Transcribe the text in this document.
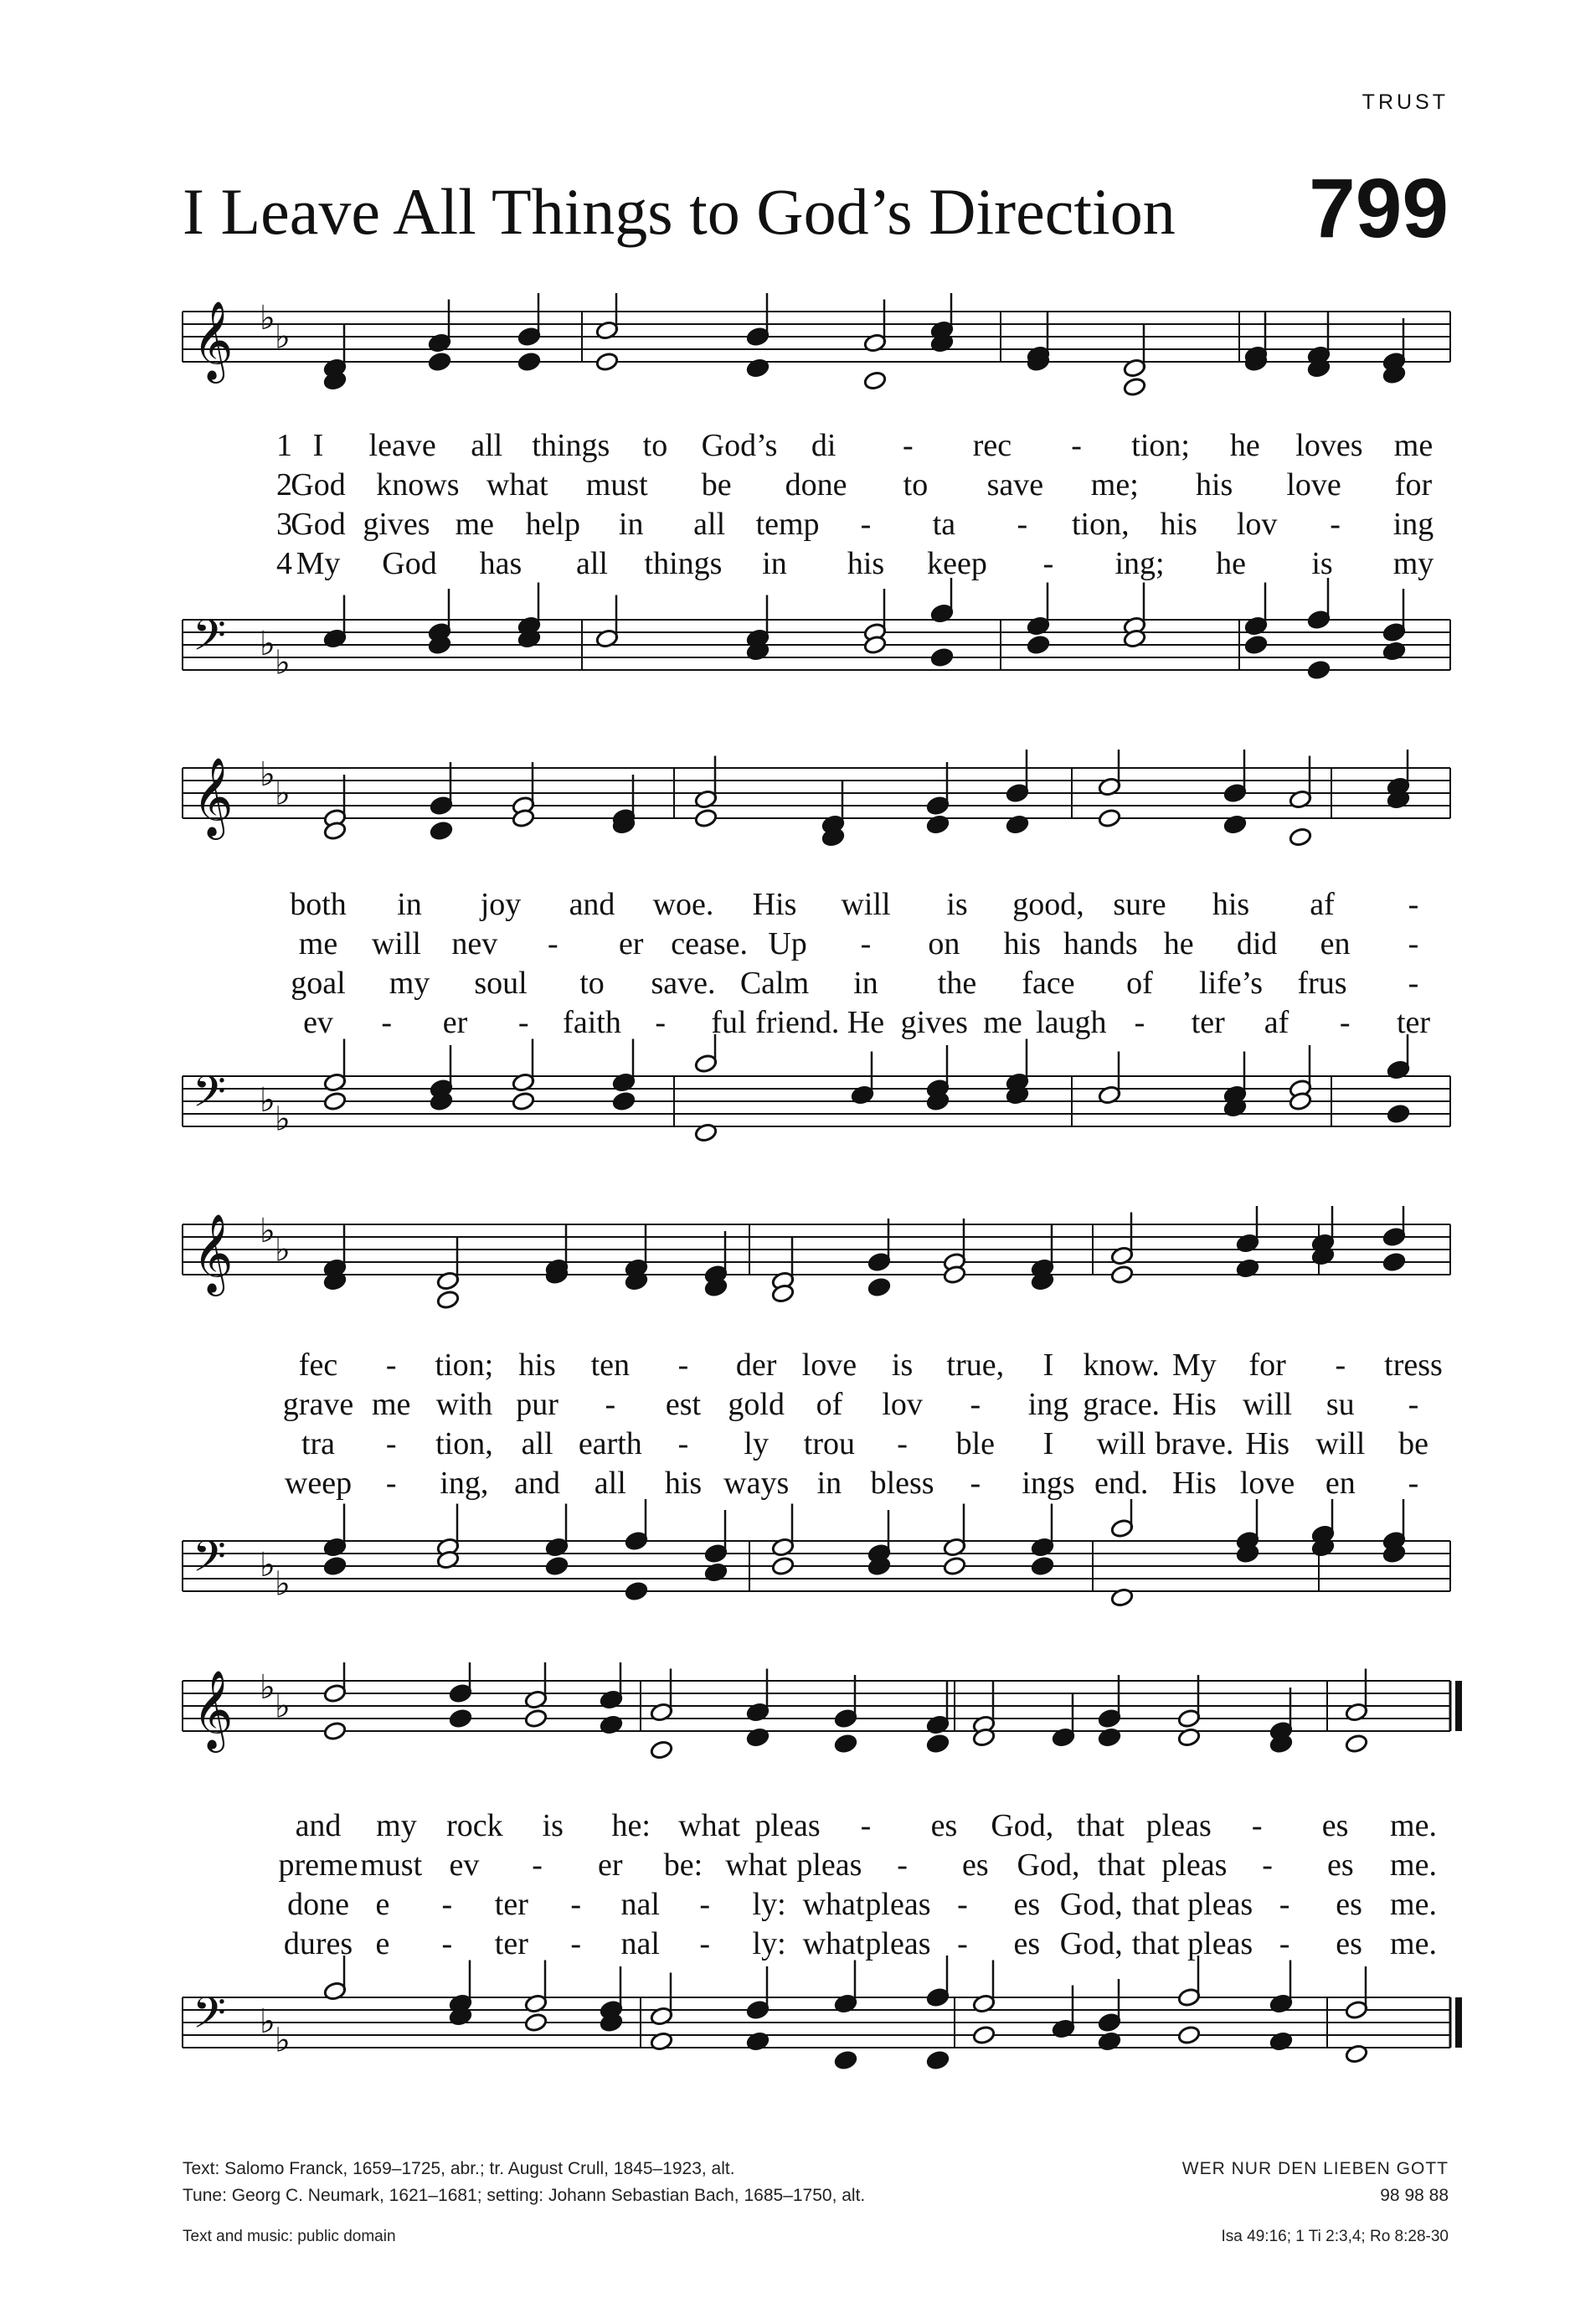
TRUST
I Leave All Things to God’s Direction 799
𝄞 ♭ ♭
1 I leave all things to God’s di - rec - tion; he loves me
2
God knows what must be done to save me; his love for
3
God gives me help in all temp - ta - tion, his lov - ing
4 My God has all things in his keep - ing; he is my
𝄢 ♭ ♭
𝄞 ♭ ♭
both in joy and woe. His will is good, sure his af -
me will nev - er cease. Up - on his hands he did en -
goal my soul to save. Calm in the face of life’s frus -
ev - er - faith - ful friend. He gives me laugh - ter af - ter
𝄢 ♭ ♭
𝄞 ♭ ♭
fec - tion; his ten - der love is true, I know. My for - tress
grave me with pur - est gold of lov - ing grace. His will su -
tra - tion, all earth - ly trou - ble I will brave. His will be
weep - ing, and all his ways in bless - ings end. His love en -
𝄢 ♭ ♭
𝄞 ♭ ♭
and my rock is he: what pleas - es God, that pleas - es me.
preme must ev - er be: what pleas - es God, that pleas - es me.
done e - ter - nal - ly: what pleas - es God, that pleas - es me.
dures e - ter - nal - ly: what pleas - es God, that pleas - es me.
𝄢 ♭ ♭
Text: Salomo Franck, 1659–1725, abr.; tr. August Crull, 1845–1923, alt.
Tune: Georg C. Neumark, 1621–1681; setting: Johann Sebastian Bach, 1685–1750, alt.
Text and music: public domain
WER NUR DEN LIEBEN GOTT
98 98 88
Isa 49:16; 1 Ti 2:3,4; Ro 8:28-30
